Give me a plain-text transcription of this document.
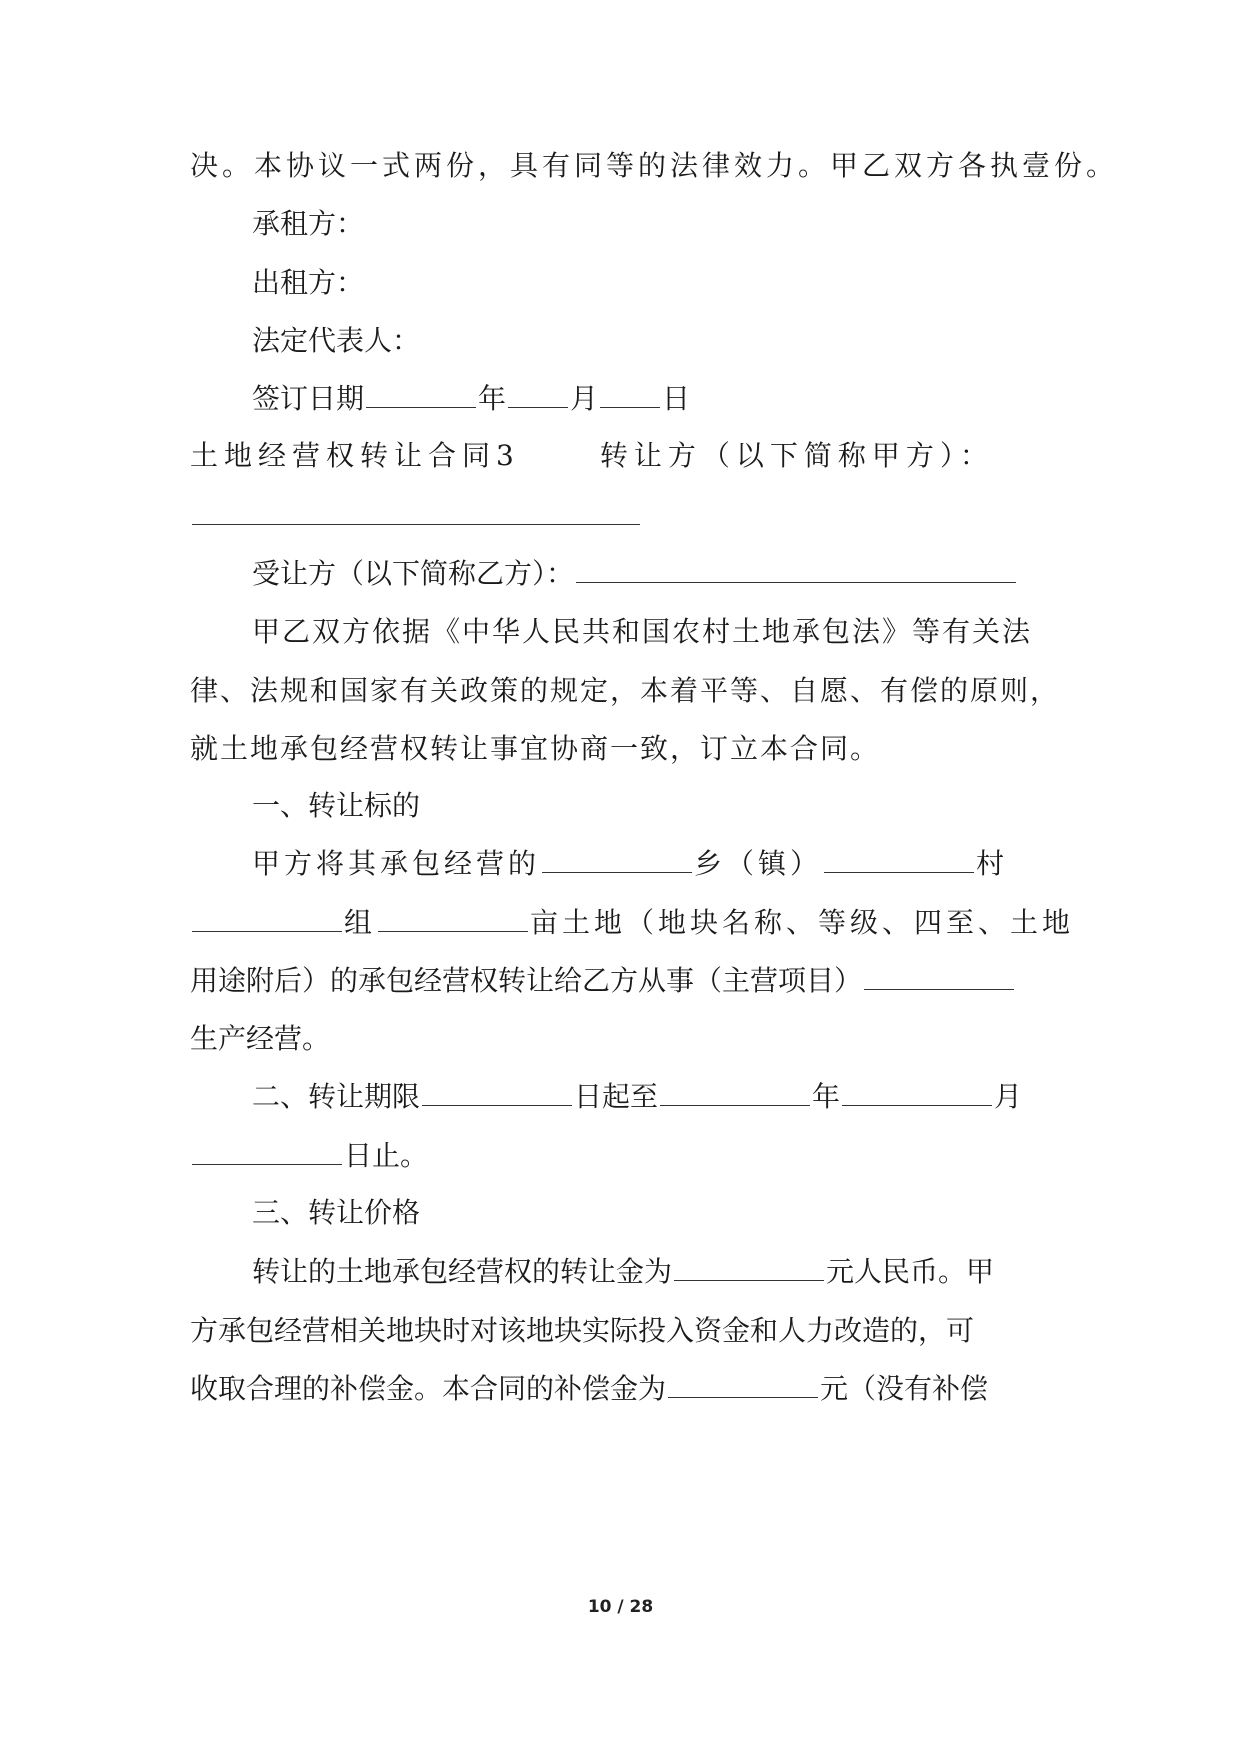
决。本协议一式两份，具有同等的法律效力。甲乙双方各执壹份。
承租方：
出租方：
法定代表人：
签订日期	年 月 日
土地经营权转让合同3	转让方（以下简称甲方）：
受让方（以下简称乙方）：
甲乙双方依据《中华人民共和国农村土地承包法》等有关法
律、法规和国家有关政策的规定，本着平等、自愿、有偿的原则，
就土地承包经营权转让事宜协商一致，订立本合同。
一、转让标的
甲方将其承包经营的	乡（镇）	村
组	亩土地（地块名称、等级、四至、土地
用途附后）的承包经营权转让给乙方从事（主营项目）
生产经营。
二、转让期限	日起至	年	月
日止。
三、转让价格
转让的土地承包经营权的转让金为	元人民币。甲
方承包经营相关地块时对该地块实际投入资金和人力改造的，可
收取合理的补偿金。本合同的补偿金为	元（没有补偿
10 / 28
